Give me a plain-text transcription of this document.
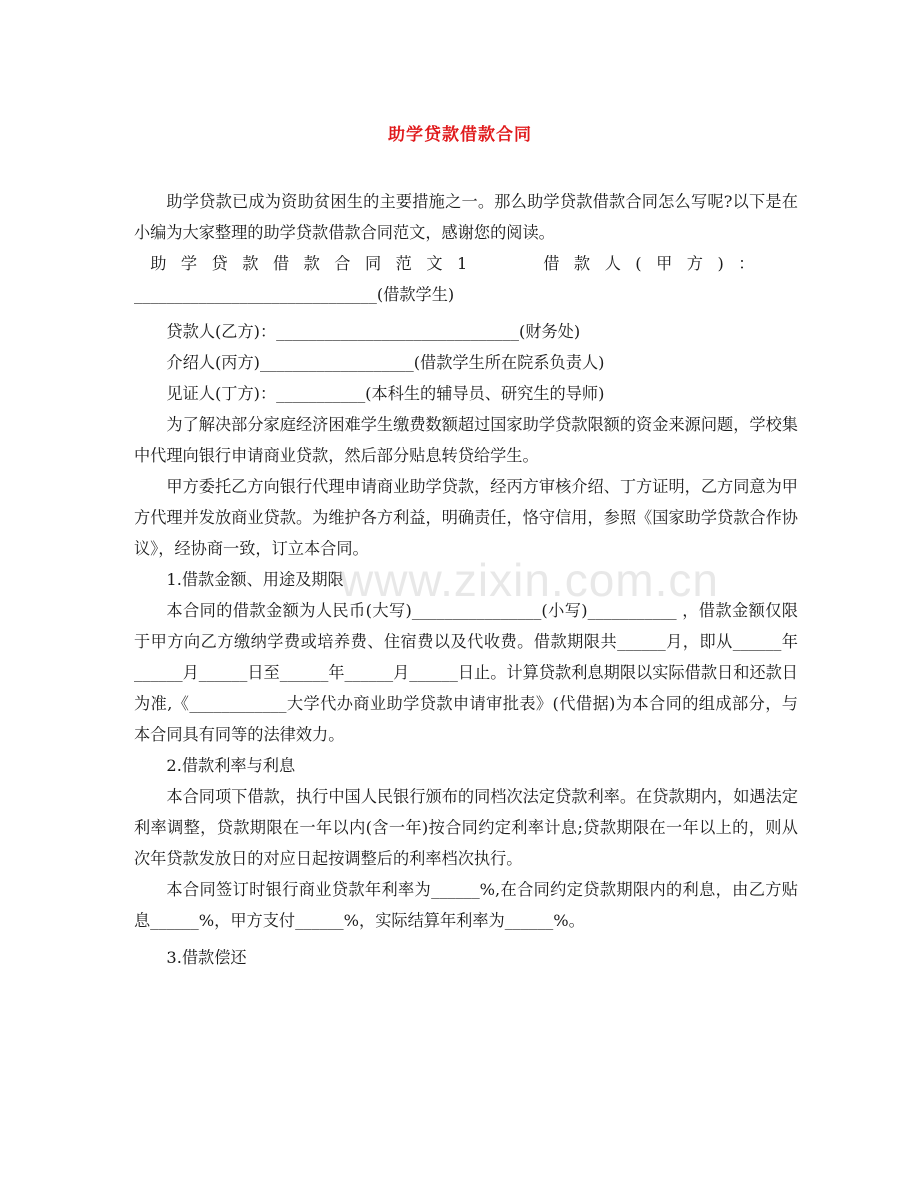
助学贷款借款合同

助学贷款已成为资助贫困生的主要措施之一。那么助学贷款借款合同怎么写呢?以下是在小编为大家整理的助学贷款借款合同范文，感谢您的阅读。

助学贷款借款合同范文1　　借款人(甲方)：

______________________________(借款学生)

贷款人(乙方)：______________________________(财务处)

介绍人(丙方)___________________(借款学生所在院系负责人)

见证人(丁方)：___________(本科生的辅导员、研究生的导师)

为了解决部分家庭经济困难学生缴费数额超过国家助学贷款限额的资金来源问题，学校集中代理向银行申请商业贷款，然后部分贴息转贷给学生。

甲方委托乙方向银行代理申请商业助学贷款，经丙方审核介绍、丁方证明，乙方同意为甲方代理并发放商业贷款。为维护各方利益，明确责任，恪守信用，参照《国家助学贷款合作协议》，经协商一致，订立本合同。

1.借款金额、用途及期限

本合同的借款金额为人民币(大写)________________(小写)___________ ，借款金额仅限于甲方向乙方缴纳学费或培养费、住宿费以及代收费。借款期限共______月，即从______年______月______日至______年______月______日止。计算贷款利息期限以实际借款日和还款日为准,《____________大学代办商业助学贷款申请审批表》(代借据)为本合同的组成部分，与本合同具有同等的法律效力。

2.借款利率与利息

本合同项下借款，执行中国人民银行颁布的同档次法定贷款利率。在贷款期内，如遇法定利率调整，贷款期限在一年以内(含一年)按合同约定利率计息;贷款期限在一年以上的，则从次年贷款发放日的对应日起按调整后的利率档次执行。

本合同签订时银行商业贷款年利率为______%,在合同约定贷款期限内的利息，由乙方贴息______%，甲方支付______%，实际结算年利率为______%。

3.借款偿还

www.zixin.com.cn
